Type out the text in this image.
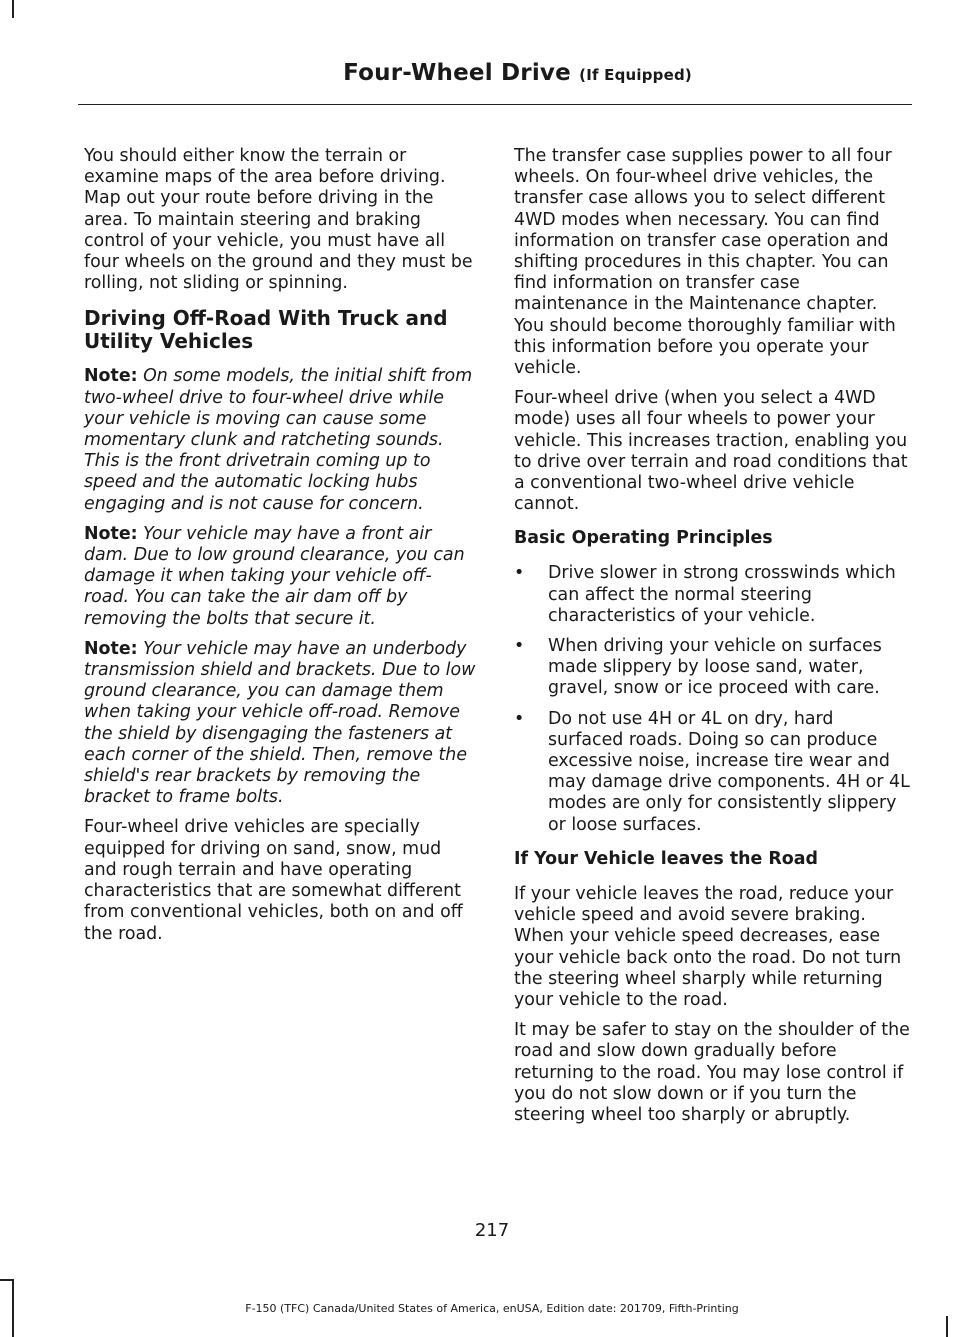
Four-Wheel Drive (If Equipped)

You should either know the terrain or examine maps of the area before driving. Map out your route before driving in the area. To maintain steering and braking control of your vehicle, you must have all four wheels on the ground and they must be rolling, not sliding or spinning.

Driving Off-Road With Truck and Utility Vehicles

Note: On some models, the initial shift from two-wheel drive to four-wheel drive while your vehicle is moving can cause some momentary clunk and ratcheting sounds. This is the front drivetrain coming up to speed and the automatic locking hubs engaging and is not cause for concern.

Note: Your vehicle may have a front air dam. Due to low ground clearance, you can damage it when taking your vehicle off-road. You can take the air dam off by removing the bolts that secure it.

Note: Your vehicle may have an underbody transmission shield and brackets. Due to low ground clearance, you can damage them when taking your vehicle off-road. Remove the shield by disengaging the fasteners at each corner of the shield. Then, remove the shield's rear brackets by removing the bracket to frame bolts.

Four-wheel drive vehicles are specially equipped for driving on sand, snow, mud and rough terrain and have operating characteristics that are somewhat different from conventional vehicles, both on and off the road.

The transfer case supplies power to all four wheels. On four-wheel drive vehicles, the transfer case allows you to select different 4WD modes when necessary. You can find information on transfer case operation and shifting procedures in this chapter. You can find information on transfer case maintenance in the Maintenance chapter. You should become thoroughly familiar with this information before you operate your vehicle.

Four-wheel drive (when you select a 4WD mode) uses all four wheels to power your vehicle. This increases traction, enabling you to drive over terrain and road conditions that a conventional two-wheel drive vehicle cannot.

Basic Operating Principles
• Drive slower in strong crosswinds which can affect the normal steering characteristics of your vehicle.
• When driving your vehicle on surfaces made slippery by loose sand, water, gravel, snow or ice proceed with care.
• Do not use 4H or 4L on dry, hard surfaced roads. Doing so can produce excessive noise, increase tire wear and may damage drive components. 4H or 4L modes are only for consistently slippery or loose surfaces.
If Your Vehicle leaves the Road

If your vehicle leaves the road, reduce your vehicle speed and avoid severe braking. When your vehicle speed decreases, ease your vehicle back onto the road. Do not turn the steering wheel sharply while returning your vehicle to the road.

It may be safer to stay on the shoulder of the road and slow down gradually before returning to the road. You may lose control if you do not slow down or if you turn the steering wheel too sharply or abruptly.

217
F-150 (TFC) Canada/United States of America, enUSA, Edition date: 201709, Fifth-Printing
